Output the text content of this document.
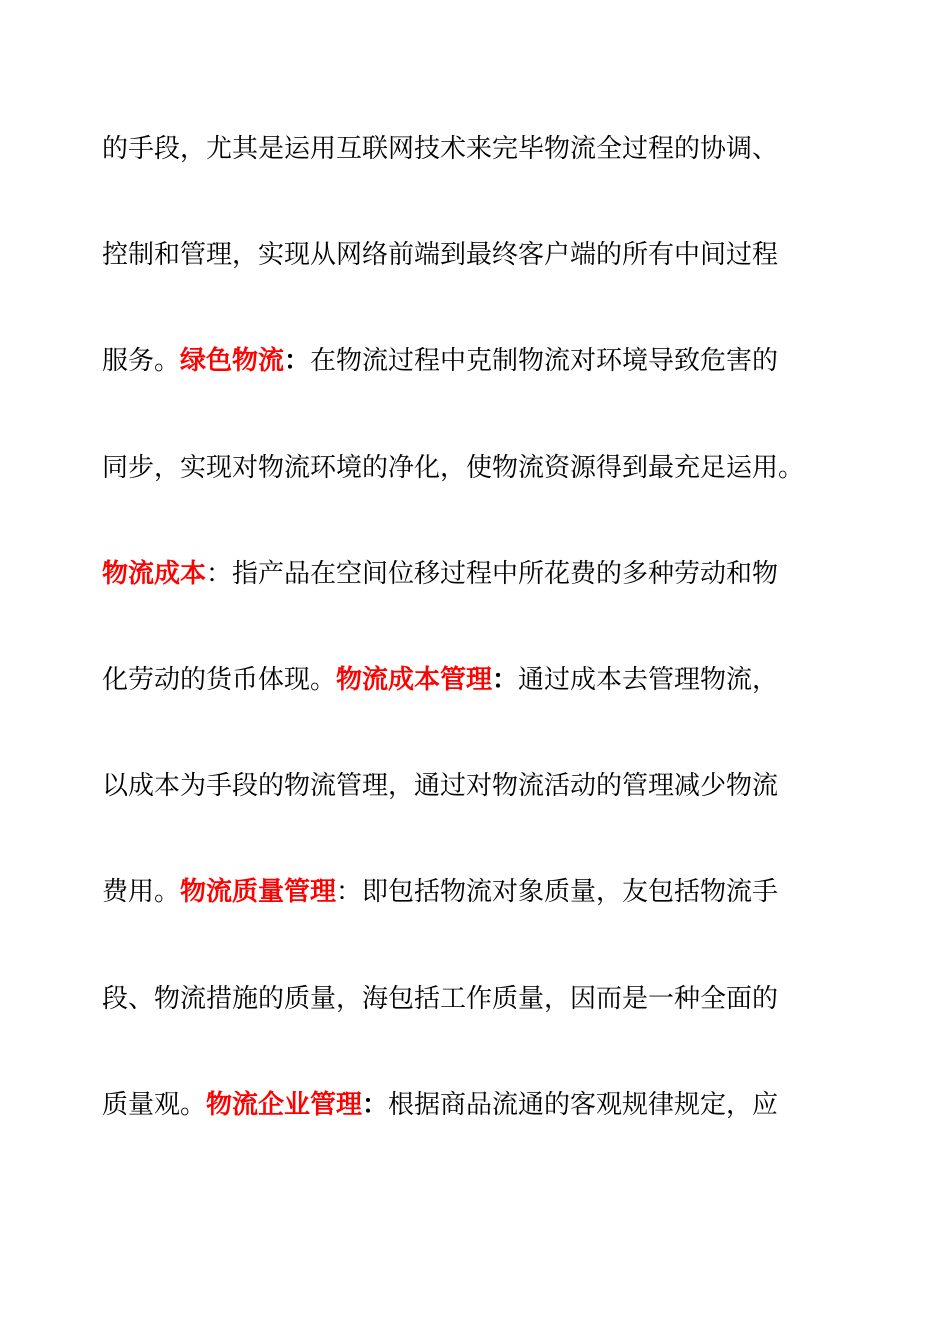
的手段，尤其是运用互联网技术来完毕物流全过程的协调、
控制和管理，实现从网络前端到最终客户端的所有中间过程
服务。绿色物流：在物流过程中克制物流对环境导致危害的
同步，实现对物流环境的净化，使物流资源得到最充足运用。
物流成本：指产品在空间位移过程中所花费的多种劳动和物
化劳动的货币体现。物流成本管理：通过成本去管理物流，
以成本为手段的物流管理，通过对物流活动的管理减少物流
费用。物流质量管理：即包括物流对象质量，友包括物流手
段、物流措施的质量，海包括工作质量，因而是一种全面的
质量观。物流企业管理：根据商品流通的客观规律规定，应
